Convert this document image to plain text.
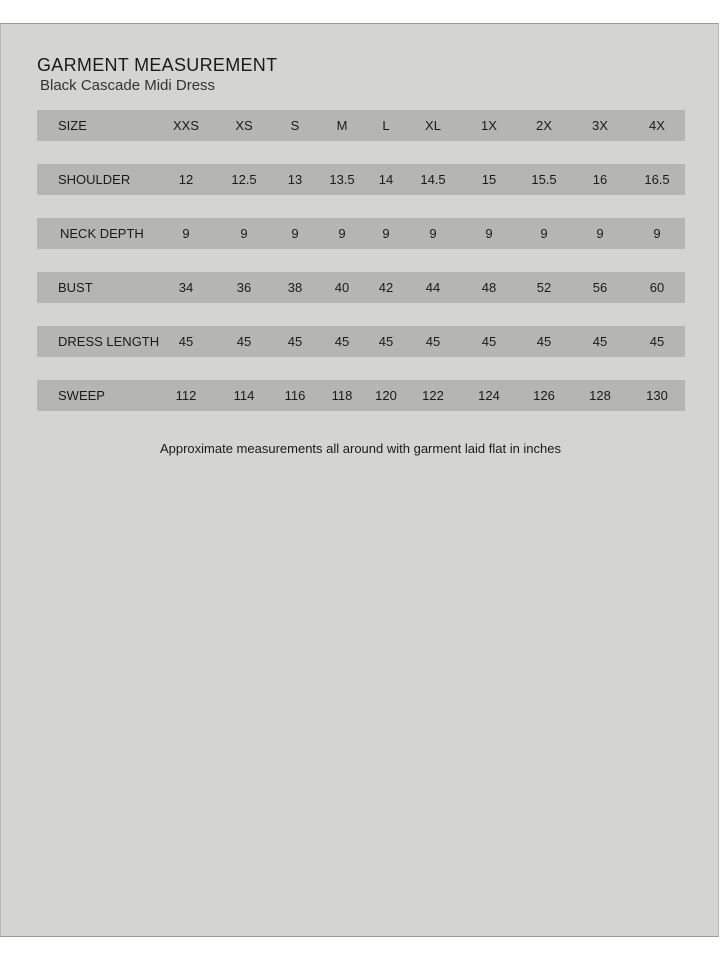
GARMENT MEASUREMENT
Black Cascade Midi Dress
SIZE	XXS	XS	S	M	L	XL	1X	2X	3X	4X
SHOULDER	12	12.5	13	13.5	14	14.5	15	15.5	16	16.5
NECK DEPTH	9	9	9	9	9	9	9	9	9	9
BUST	34	36	38	40	42	44	48	52	56	60
DRESS LENGTH	45	45	45	45	45	45	45	45	45	45
SWEEP	112	114	116	118	120	122	124	126	128	130

Approximate measurements all around with garment laid flat in inches
